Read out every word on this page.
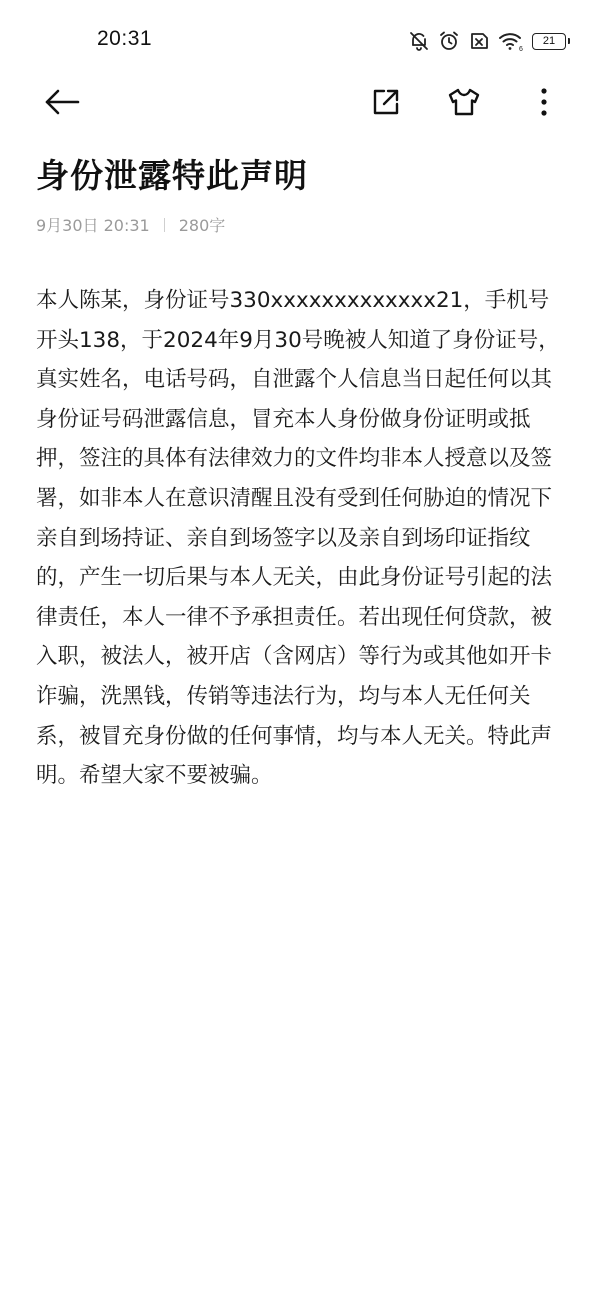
20:31	6
21
身份泄露特此声明
9月30日 20:31 280字

本人陈某，身份证号330xxxxxxxxxxxxx21，手机号开头138，于2024年9月30号晚被人知道了身份证号，真实姓名，电话号码，自泄露个人信息当日起任何以其身份证号码泄露信息，冒充本人身份做身份证明或抵押，签注的具体有法律效力的文件均非本人授意以及签署，如非本人在意识清醒且没有受到任何胁迫的情况下亲自到场持证、亲自到场签字以及亲自到场印证指纹的，产生一切后果与本人无关，由此身份证号引起的法律责任，本人一律不予承担责任。若出现任何贷款，被入职，被法人，被开店（含网店）等行为或其他如开卡诈骗，洗黑钱，传销等违法行为，均与本人无任何关系，被冒充身份做的任何事情，均与本人无关。特此声明。希望大家不要被骗。
